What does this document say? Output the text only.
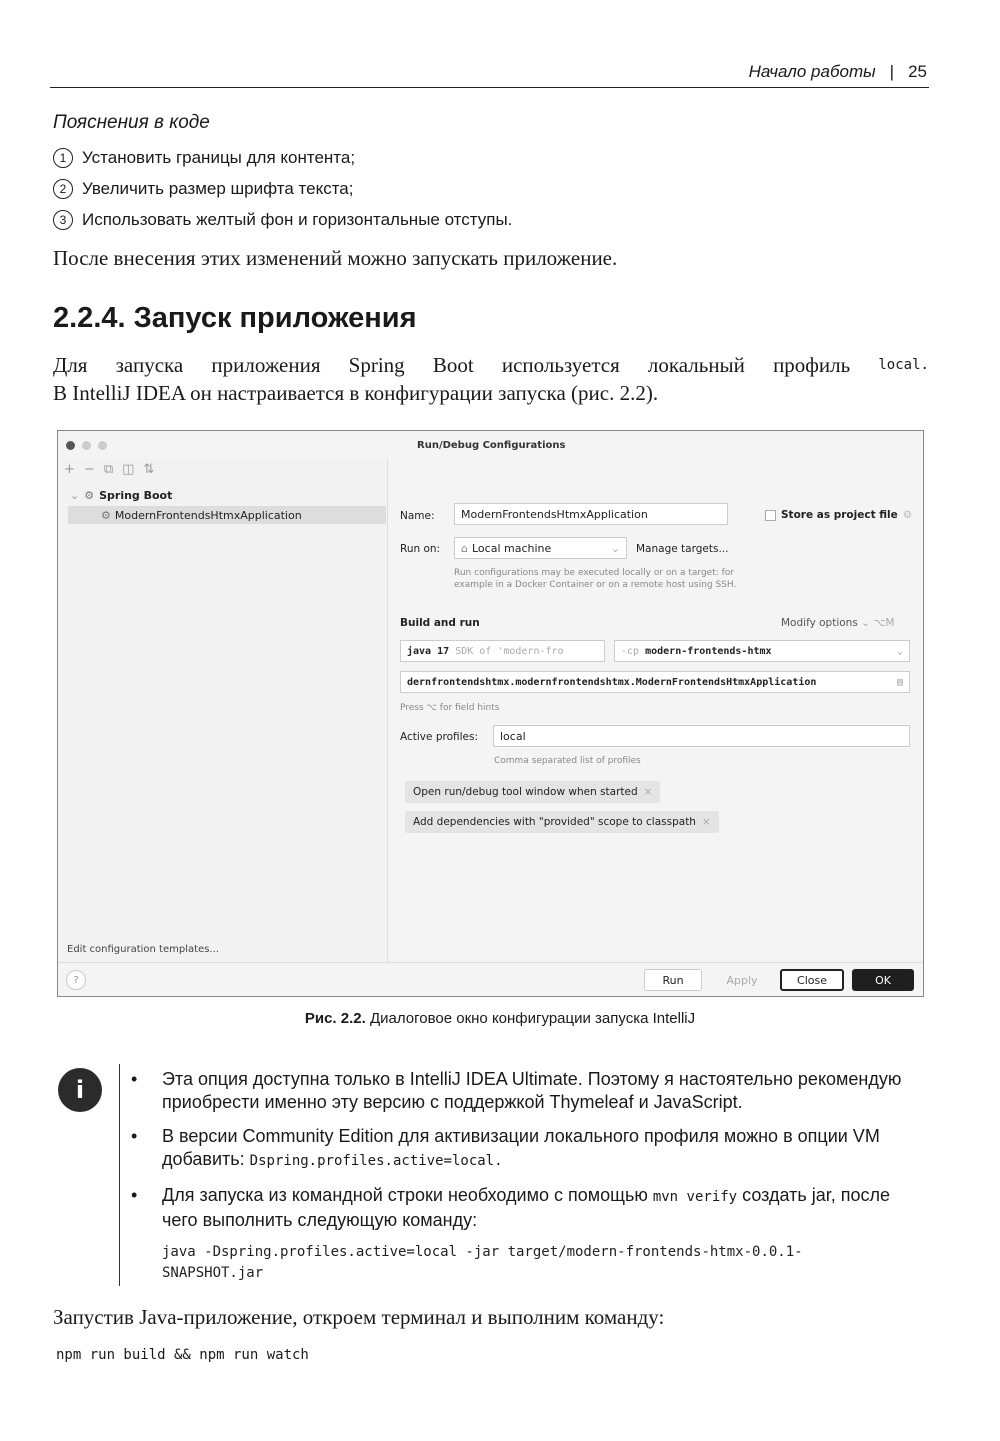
Начало работы | 25
Пояснения в коде
1 Установить границы для контента;
2 Увеличить размер шрифта текста;
3 Использовать желтый фон и горизонтальные отступы.
После внесения этих изменений можно запускать приложение.
2.2.4. Запуск приложения
Для запуска приложения Spring Boot используется локальный профиль local.
В IntelliJ IDEA он настраивается в конфигурации запуска (рис. 2.2).
Run/Debug Configurations
+ − ⧉ ◫ ⇅
⌄ ⚙ Spring Boot
⚙ ModernFrontendsHtmxApplication
Edit configuration templates...
Name:	ModernFrontendsHtmxApplication	Store as project file ⚙
Run on: ⌂ Local machine	⌄ Manage targets...
Run configurations may be executed locally or on a target: for
example in a Docker Container or on a remote host using SSH.
Build and run	Modify options ⌄ ⌥M
java 17
SDK of 'modern-fro	-cp
modern-frontends-htmx	⌄
dernfrontendshtmx.modernfrontendshtmx.ModernFrontendsHtmxApplication	▤
Press ⌥ for field hints
Active profiles:	local
Comma separated list of profiles
Open run/debug tool window when started ×
Add dependencies with "provided" scope to classpath ×
?	Run	Apply	Close	OK
Рис. 2.2. Диалоговое окно конфигурации запуска IntelliJ
i	• Эта опция доступна только в IntelliJ IDEA Ultimate. Поэтому я настоятельно рекомендую приобрести именно эту версию с поддержкой Thymeleaf и JavaScript.
• В версии Community Edition для активизации локального профиля можно в опции VM добавить: Dspring.profiles.active=local.
• Для запуска из командной строки необходимо с помощью mvn verify создать jar, после чего выполнить следующую команду:
java -Dspring.profiles.active=local -jar target/modern-frontends-htmx-0.0.1-
SNAPSHOT.jar
Запустив Java-приложение, откроем терминал и выполним команду:
npm run build && npm run watch
